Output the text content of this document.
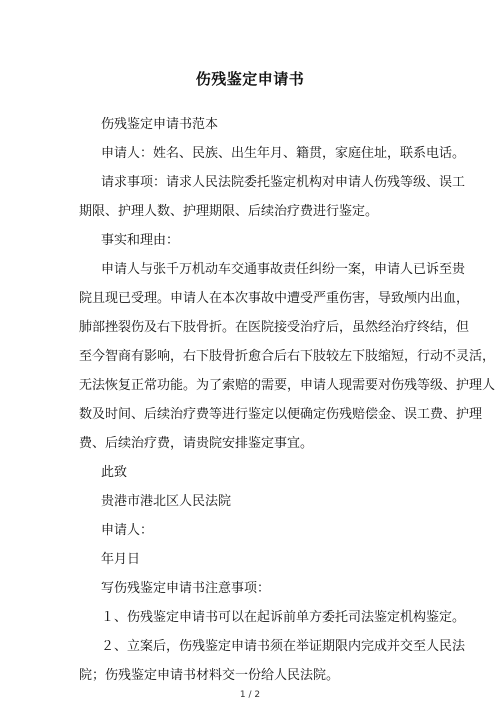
伤残鉴定申请书
伤残鉴定申请书范本
申请人：姓名、民族、出生年月、籍贯，家庭住址，联系电话。
请求事项：请求人民法院委托鉴定机构对申请人伤残等级、误工
期限、护理人数、护理期限、后续治疗费进行鉴定。
事实和理由：
申请人与张千万机动车交通事故责任纠纷一案，申请人已诉至贵
院且现已受理。申请人在本次事故中遭受严重伤害，导致颅内出血，
肺部挫裂伤及右下肢骨折。在医院接受治疗后，虽然经治疗终结，但
至今智商有影响，右下肢骨折愈合后右下肢较左下肢缩短，行动不灵活，
无法恢复正常功能。为了索赔的需要，申请人现需要对伤残等级、护理人
数及时间、后续治疗费等进行鉴定以便确定伤残赔偿金、误工费、护理
费、后续治疗费，请贵院安排鉴定事宜。
此致
贵港市港北区人民法院
申请人：
年月日
写伤残鉴定申请书注意事项：
１、伤残鉴定申请书可以在起诉前单方委托司法鉴定机构鉴定。
２、立案后，伤残鉴定申请书须在举证期限内完成并交至人民法
院；伤残鉴定申请书材料交一份给人民法院。
1 / 2
